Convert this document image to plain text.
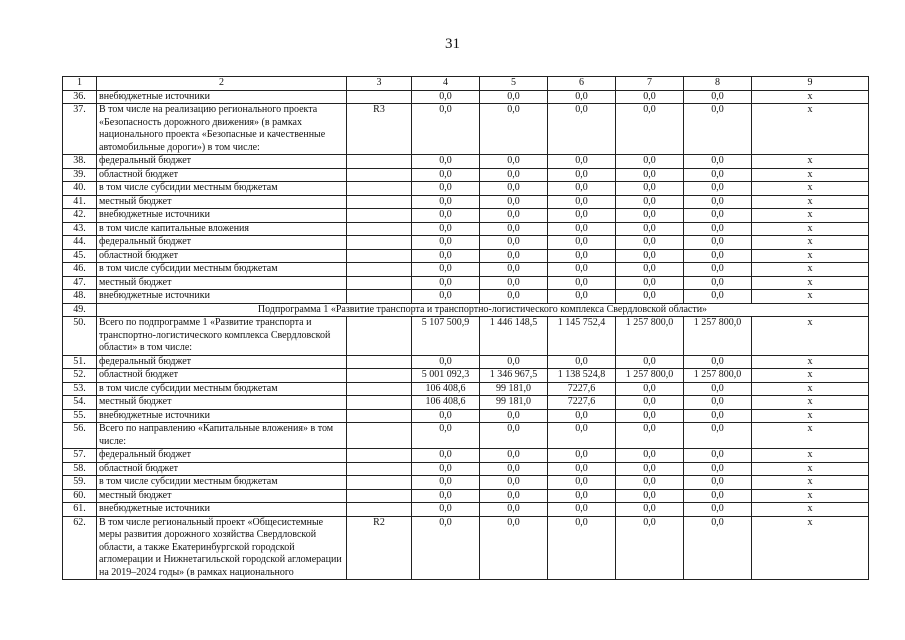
31
1	2	3	4	5	6	7	8	9
36.	внебюджетные источники		0,0	0,0	0,0	0,0	0,0	x
37.	В том числе на реализацию регионального проекта «Безопасность дорожного движения» (в рамках национального проекта «Безопасные и качественные автомобильные дороги») в том числе:	R3	0,0	0,0	0,0	0,0	0,0	x
38.	федеральный бюджет		0,0	0,0	0,0	0,0	0,0	x
39.	областной бюджет		0,0	0,0	0,0	0,0	0,0	x
40.	в том числе субсидии местным бюджетам		0,0	0,0	0,0	0,0	0,0	x
41.	местный бюджет		0,0	0,0	0,0	0,0	0,0	x
42.	внебюджетные источники		0,0	0,0	0,0	0,0	0,0	x
43.	в том числе капитальные вложения		0,0	0,0	0,0	0,0	0,0	x
44.	федеральный бюджет		0,0	0,0	0,0	0,0	0,0	x
45.	областной бюджет		0,0	0,0	0,0	0,0	0,0	x
46.	в том числе субсидии местным бюджетам		0,0	0,0	0,0	0,0	0,0	x
47.	местный бюджет		0,0	0,0	0,0	0,0	0,0	x
48.	внебюджетные источники		0,0	0,0	0,0	0,0	0,0	x
49.	Подпрограмма 1 «Развитие транспорта и транспортно-логистического комплекса Свердловской области»							
50.	Всего по подпрограмме 1 «Развитие транспорта и транспортно-логистического комплекса Свердловской области» в том числе:		5 107 500,9	1 446 148,5	1 145 752,4	1 257 800,0	1 257 800,0	x
51.	федеральный бюджет		0,0	0,0	0,0	0,0	0,0	x
52.	областной бюджет		5 001 092,3	1 346 967,5	1 138 524,8	1 257 800,0	1 257 800,0	x
53.	в том числе субсидии местным бюджетам		106 408,6	99 181,0	7227,6	0,0	0,0	x
54.	местный бюджет		106 408,6	99 181,0	7227,6	0,0	0,0	x
55.	внебюджетные источники		0,0	0,0	0,0	0,0	0,0	x
56.	Всего по направлению «Капитальные вложения» в том числе:		0,0	0,0	0,0	0,0	0,0	x
57.	федеральный бюджет		0,0	0,0	0,0	0,0	0,0	x
58.	областной бюджет		0,0	0,0	0,0	0,0	0,0	x
59.	в том числе субсидии местным бюджетам		0,0	0,0	0,0	0,0	0,0	x
60.	местный бюджет		0,0	0,0	0,0	0,0	0,0	x
61.	внебюджетные источники		0,0	0,0	0,0	0,0	0,0	x
62.	В том числе региональный проект «Общесистемные меры развития дорожного хозяйства Свердловской области, а также Екатеринбургской городской агломерации и Нижнетагильской городской агломерации на 2019–2024 годы» (в рамках национального	R2	0,0	0,0	0,0	0,0	0,0	x
